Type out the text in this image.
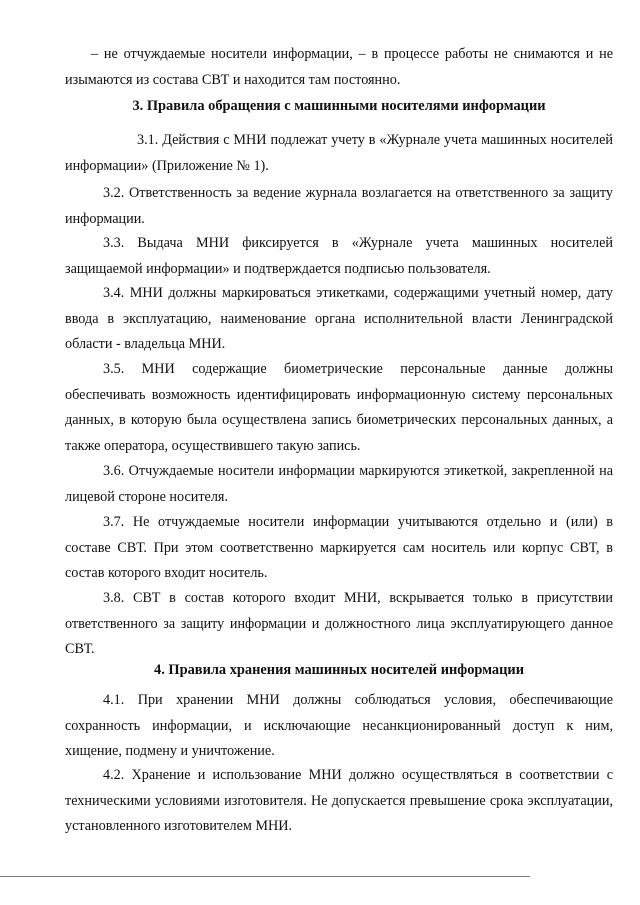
– не отчуждаемые носители информации, – в процессе работы не снимаются и не изымаются из состава СВТ и находится там постоянно.

3. Правила обращения с машинными носителями информации

3.1. Действия с МНИ подлежат учету в «Журнале учета машинных носителей информации» (Приложение № 1).

3.2. Ответственность за ведение журнала возлагается на ответственного за защиту информации.

3.3. Выдача МНИ фиксируется в «Журнале учета машинных носителей защищаемой информации» и подтверждается подписью пользователя.

3.4. МНИ должны маркироваться этикетками, содержащими учетный номер, дату ввода в эксплуатацию, наименование органа исполнительной власти Ленинградской области - владельца МНИ.

3.5. МНИ содержащие биометрические персональные данные должны обеспечивать возможность идентифицировать информационную систему персональных данных, в которую была осуществлена запись биометрических персональных данных, а также оператора, осуществившего такую запись.

3.6. Отчуждаемые носители информации маркируются этикеткой, закрепленной на лицевой стороне носителя.

3.7. Не отчуждаемые носители информации учитываются отдельно и (или) в составе СВТ. При этом соответственно маркируется сам носитель или корпус СВТ, в состав которого входит носитель.

3.8. СВТ в состав которого входит МНИ, вскрывается только в присутствии ответственного за защиту информации и должностного лица эксплуатирующего данное СВТ.

4. Правила хранения машинных носителей информации

4.1. При хранении МНИ должны соблюдаться условия, обеспечивающие сохранность информации, и исключающие несанкционированный доступ к ним, хищение, подмену и уничтожение.

4.2. Хранение и использование МНИ должно осуществляться в соответствии с техническими условиями изготовителя. Не допускается превышение срока эксплуатации, установленного изготовителем МНИ.
